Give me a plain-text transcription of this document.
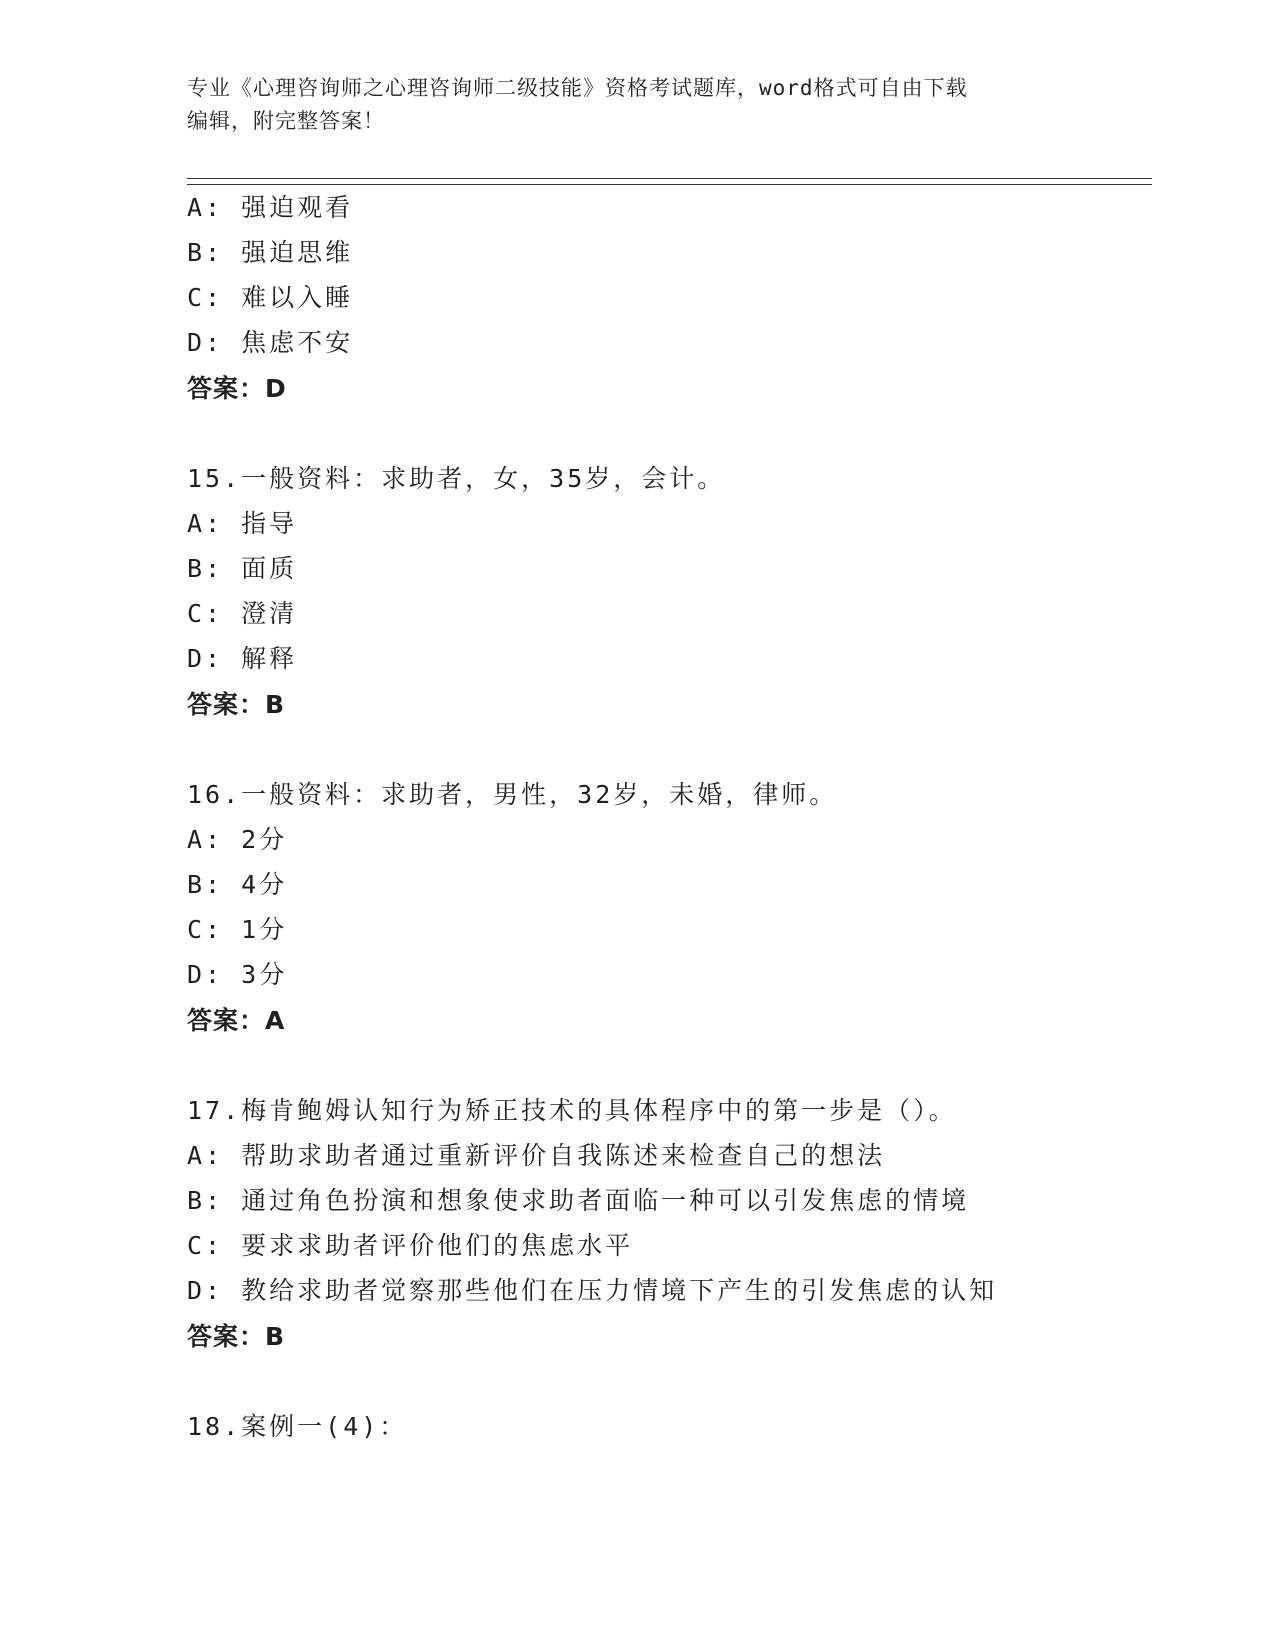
专业《心理咨询师之心理咨询师二级技能》资格考试题库，word格式可自由下载
编辑，附完整答案！
A: 强迫观看
B: 强迫思维
C: 难以入睡
D: 焦虑不安
答案：D
15.一般资料：求助者，女，35岁，会计。
A: 指导
B: 面质
C: 澄清
D: 解释
答案：B
16.一般资料：求助者，男性，32岁，未婚，律师。
A: 2分
B: 4分
C: 1分
D: 3分
答案：A
17.梅肯鲍姆认知行为矫正技术的具体程序中的第一步是（）。
A: 帮助求助者通过重新评价自我陈述来检查自己的想法
B: 通过角色扮演和想象使求助者面临一种可以引发焦虑的情境
C: 要求求助者评价他们的焦虑水平
D: 教给求助者觉察那些他们在压力情境下产生的引发焦虑的认知
答案：B
18.案例一(4)：
